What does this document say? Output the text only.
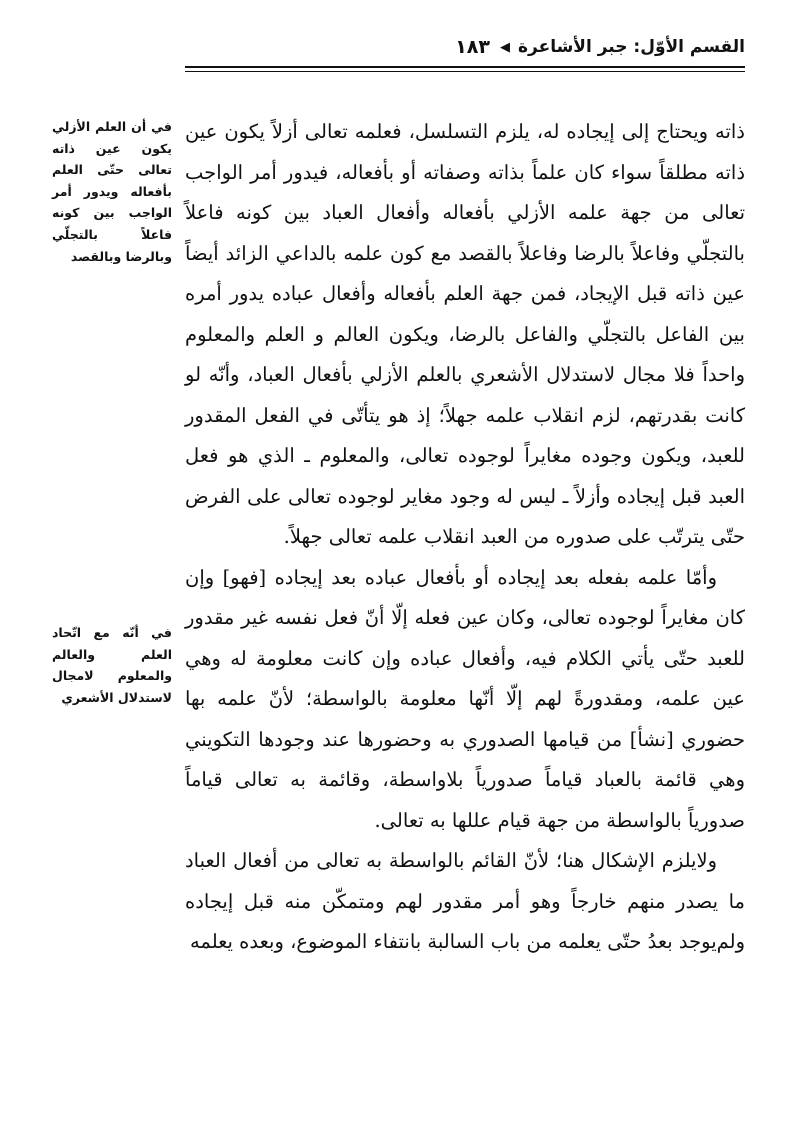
القسم الأوّل: جبر الأشاعرة
◀
١٨٣
في أن العلم الأزلي يكون عين ذاته تعالى حتّى العلم بأفعاله ويدور أمر الواجب بين كونه فاعلاً بالتجلّي وبالرضا وبالقصد
في أنّه مع اتّحاد العلم والعالم والمعلوم لامجال لاستدلال الأشعري

ذاته ويحتاج إلى إيجاده له، يلزم التسلسل، فعلمه تعالى أزلاً يكون عين ذاته مطلقاً سواء كان علماً بذاته وصفاته أو بأفعاله، فيدور أمر الواجب تعالى من جهة علمه الأزلي بأفعاله وأفعال العباد بين كونه فاعلاً بالتجلّي وفاعلاً بالرضا وفاعلاً بالقصد مع كون علمه بالداعي الزائد أيضاً عين ذاته قبل الإيجاد، فمن جهة العلم بأفعاله وأفعال عباده يدور أمره بين الفاعل بالتجلّي والفاعل بالرضا، ويكون العالم و العلم والمعلوم واحداً فلا مجال لاستدلال الأشعري بالعلم الأزلي بأفعال العباد، وأنّه لو كانت بقدرتهم، لزم انقلاب علمه جهلاً؛ إذ هو يتأتّى في الفعل المقدور للعبد، ويكون وجوده مغايراً لوجوده تعالى، والمعلوم ـ الذي هو فعل العبد قبل إيجاده وأزلاً ـ ليس له وجود مغاير لوجوده تعالى على الفرض حتّى يترتّب على صدوره من العبد انقلاب علمه تعالى جهلاً.

وأمّا علمه بفعله بعد إيجاده أو بأفعال عباده بعد إيجاده [فهو] وإن كان مغايراً لوجوده تعالى، وكان عين فعله إلّا أنّ فعل نفسه غير مقدور للعبد حتّى يأتي الكلام فيه، وأفعال عباده وإن كانت معلومة له وهي عين علمه، ومقدورةً لهم إلّا أنّها معلومة بالواسطة؛ لأنّ علمه بها حضوري [نشأ] من قيامها الصدوري به وحضورها عند وجودها التكويني وهي قائمة بالعباد قياماً صدورياً بلاواسطة، وقائمة به تعالى قياماً صدورياً بالواسطة من جهة قيام عللها به تعالى.

ولايلزم الإشكال هنا؛ لأنّ القائم بالواسطة به تعالى من أفعال العباد ما يصدر منهم خارجاً وهو أمر مقدور لهم ومتمكّن منه قبل إيجاده ولم‌يوجد بعدُ حتّى يعلمه من باب السالبة بانتفاء الموضوع، وبعده يعلمه
